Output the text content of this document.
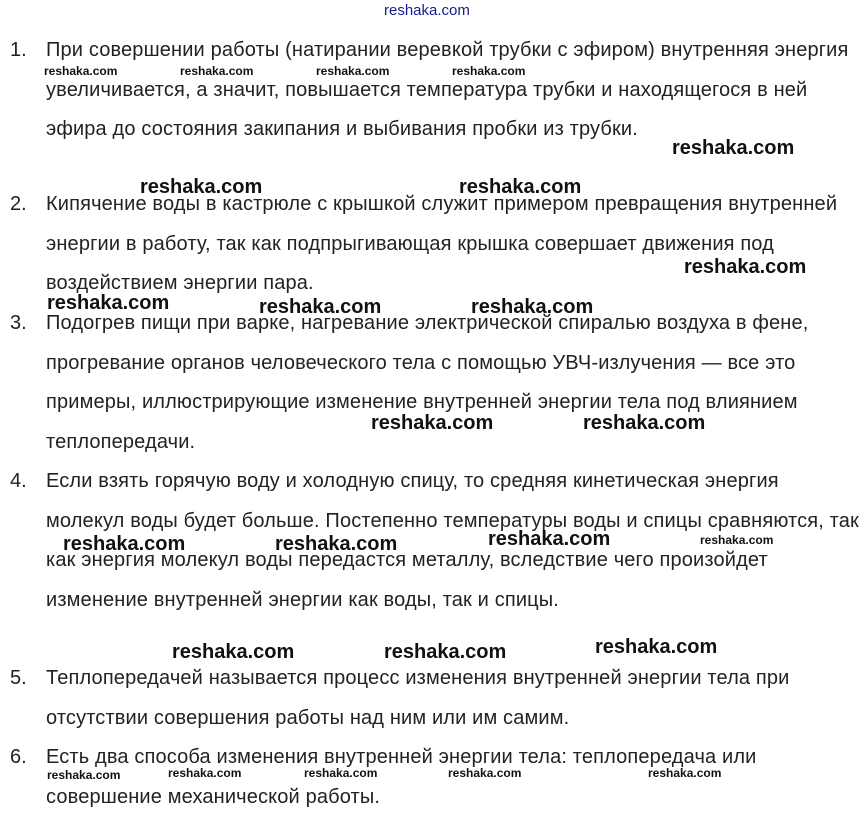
reshaka.com
1. При совершении работы (натирании веревкой трубки с эфиром) внутренняя энергия увеличивается, а значит, повышается температура трубки и находящегося в ней эфира до состояния закипания и выбивания пробки из трубки.
2. Кипячение воды в кастрюле с крышкой служит примером превращения внутренней энергии в работу, так как подпрыгивающая крышка совершает движения под воздействием энергии пара.
3. Подогрев пищи при варке, нагревание электрической спиралью воздуха в фене, прогревание органов человеческого тела с помощью УВЧ-излучения — все это примеры, иллюстрирующие изменение внутренней энергии тела под влиянием теплопередачи.
4. Если взять горячую воду и холодную спицу, то средняя кинетическая энергия молекул воды будет больше. Постепенно температуры воды и спицы сравняются, так как энергия молекул воды передастся металлу, вследствие чего произойдет изменение внутренней энергии как воды, так и спицы.
5. Теплопередачей называется процесс изменения внутренней энергии тела при отсутствии совершения работы над ним или им самим.
6. Есть два способа изменения внутренней энергии тела: теплопередача или совершение механической работы.
reshaka.com	reshaka.com	reshaka.com	reshaka.com
reshaka.com
reshaka.com	reshaka.com
reshaka.com
reshaka.com	reshaka.com	reshaka.com
reshaka.com	reshaka.com
reshaka.com	reshaka.com
reshaka.com	reshaka.com
reshaka.com
reshaka.com	reshaka.com
reshaka.com	reshaka.com	reshaka.com	reshaka.com	reshaka.com
